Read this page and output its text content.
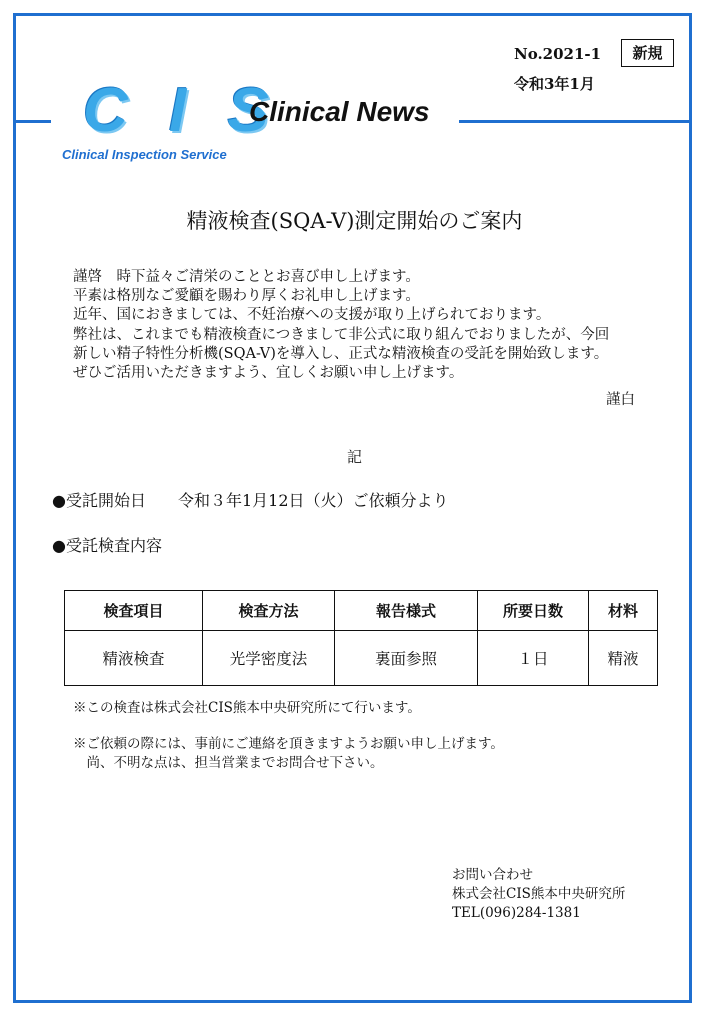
No.2021-1	新規
令和3年1月
C I S
Clinical Inspection Service
Clinical News
精液検査(SQA-V)測定開始のご案内
謹啓　時下益々ご清栄のこととお喜び申し上げます。
平素は格別なご愛顧を賜わり厚くお礼申し上げます。
近年、国におきましては、不妊治療への支援が取り上げられております。
弊社は、これまでも精液検査につきまして非公式に取り組んでおりましたが、今回
新しい精子特性分析機(SQA-V)を導入し、正式な精液検査の受託を開始致します。
ぜひご活用いただきますよう、宜しくお願い申し上げます。
謹白
記
●受託開始日 令和３年1月12日（火）ご依頼分より
●受託検査内容
検査項目	検査方法	報告様式	所要日数	材料
精液検査	光学密度法	裏面参照	１日	精液
※この検査は株式会社CIS熊本中央研究所にて行います。
※ご依頼の際には、事前にご連絡を頂きますようお願い申し上げます。
　尚、不明な点は、担当営業までお問合せ下さい。
お問い合わせ
株式会社CIS熊本中央研究所
TEL(096)284-1381
